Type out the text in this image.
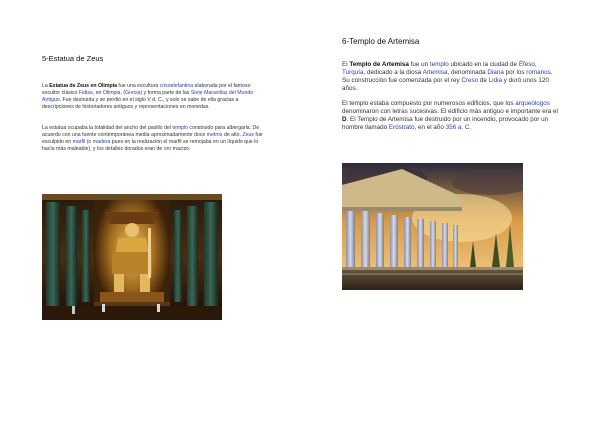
5-Estatua de Zeus

La Estatua de Zeus en Olimpia fue una escultura crisoelefantina elaborada por el famoso escultor clásico Fidias, en Olimpia, (Grecia) y forma parte de las Siete Maravillas del Mundo Antiguo. Fue destruida y se perdió en el siglo V d. C., y solo se sabe de ella gracias a descripciones de historiadores antiguos y representaciones en monedas.

La estatua ocupaba la totalidad del ancho del pasillo del templo construido para albergarla. De acuerdo con una fuente contemporánea media aproximadamente doce metros de alto. Zeus fue esculpido en marfil (o madera pues en la realización el marfil se remojaba en un líquido que lo hacía más maleable), y los detalles dorados eran de oro macizo.

6-Templo de Artemisa

El Templo de Artemisa fue un templo ubicado en la ciudad de Éfeso, Turquía, dedicado a la diosa Artemisa, denominada Diana por los romanos. Su construcción fue comenzada por el rey Creso de Lidia y duró unos 120 años.

El templo estaba compuesto por numerosos edificios, que los arqueólogos denominaron con letras sucesivas. El edificio más antiguo e importante era el D. El Templo de Artemisa fue destruido por un incendio, provocado por un hombre llamado Eróstrato, en el año 356 a. C.
